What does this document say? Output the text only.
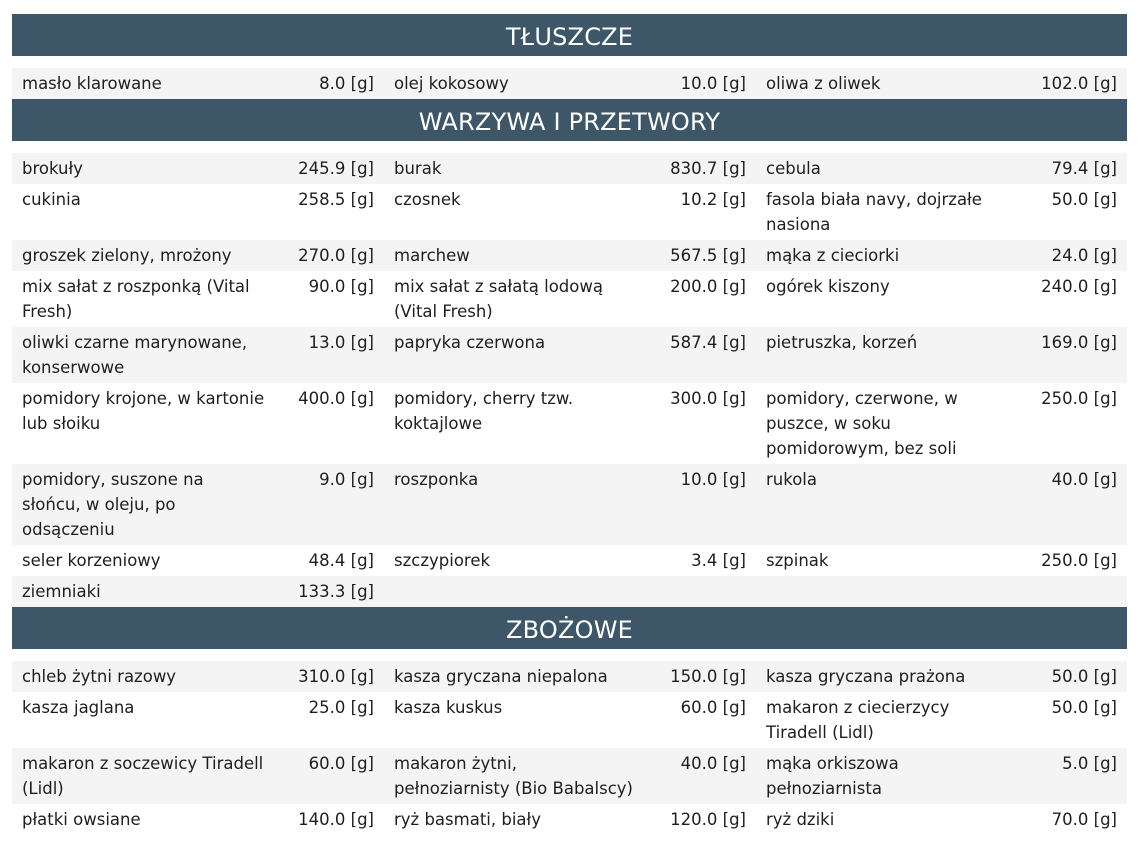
TŁUSZCZE
masło klarowane	8.0 [g]	olej kokosowy	10.0 [g]	oliwa z oliwek	102.0 [g]
WARZYWA I PRZETWORY
brokuły	245.9 [g]	burak	830.7 [g]	cebula	79.4 [g]
cukinia	258.5 [g]	czosnek	10.2 [g]	fasola biała navy, dojrzałe nasiona	50.0 [g]
groszek zielony, mrożony	270.0 [g]	marchew	567.5 [g]	mąka z cieciorki	24.0 [g]
mix sałat z roszponką (Vital Fresh)	90.0 [g]	mix sałat z sałatą lodową (Vital Fresh)	200.0 [g]	ogórek kiszony	240.0 [g]
oliwki czarne marynowane, konserwowe	13.0 [g]	papryka czerwona	587.4 [g]	pietruszka, korzeń	169.0 [g]
pomidory krojone, w kartonie lub słoiku	400.0 [g]	pomidory, cherry tzw. koktajlowe	300.0 [g]	pomidory, czerwone, w puszce, w soku pomidorowym, bez soli	250.0 [g]
pomidory, suszone na słońcu, w oleju, po odsączeniu	9.0 [g]	roszponka	10.0 [g]	rukola	40.0 [g]
seler korzeniowy	48.4 [g]	szczypiorek	3.4 [g]	szpinak	250.0 [g]
ziemniaki	133.3 [g]				
ZBOŻOWE
chleb żytni razowy	310.0 [g]	kasza gryczana niepalona	150.0 [g]	kasza gryczana prażona	50.0 [g]
kasza jaglana	25.0 [g]	kasza kuskus	60.0 [g]	makaron z ciecierzycy Tiradell (Lidl)	50.0 [g]
makaron z soczewicy Tiradell (Lidl)	60.0 [g]	makaron żytni, pełnoziarnisty (Bio Babalscy)	40.0 [g]	mąka orkiszowa pełnoziarnista	5.0 [g]
płatki owsiane	140.0 [g]	ryż basmati, biały	120.0 [g]	ryż dziki	70.0 [g]
